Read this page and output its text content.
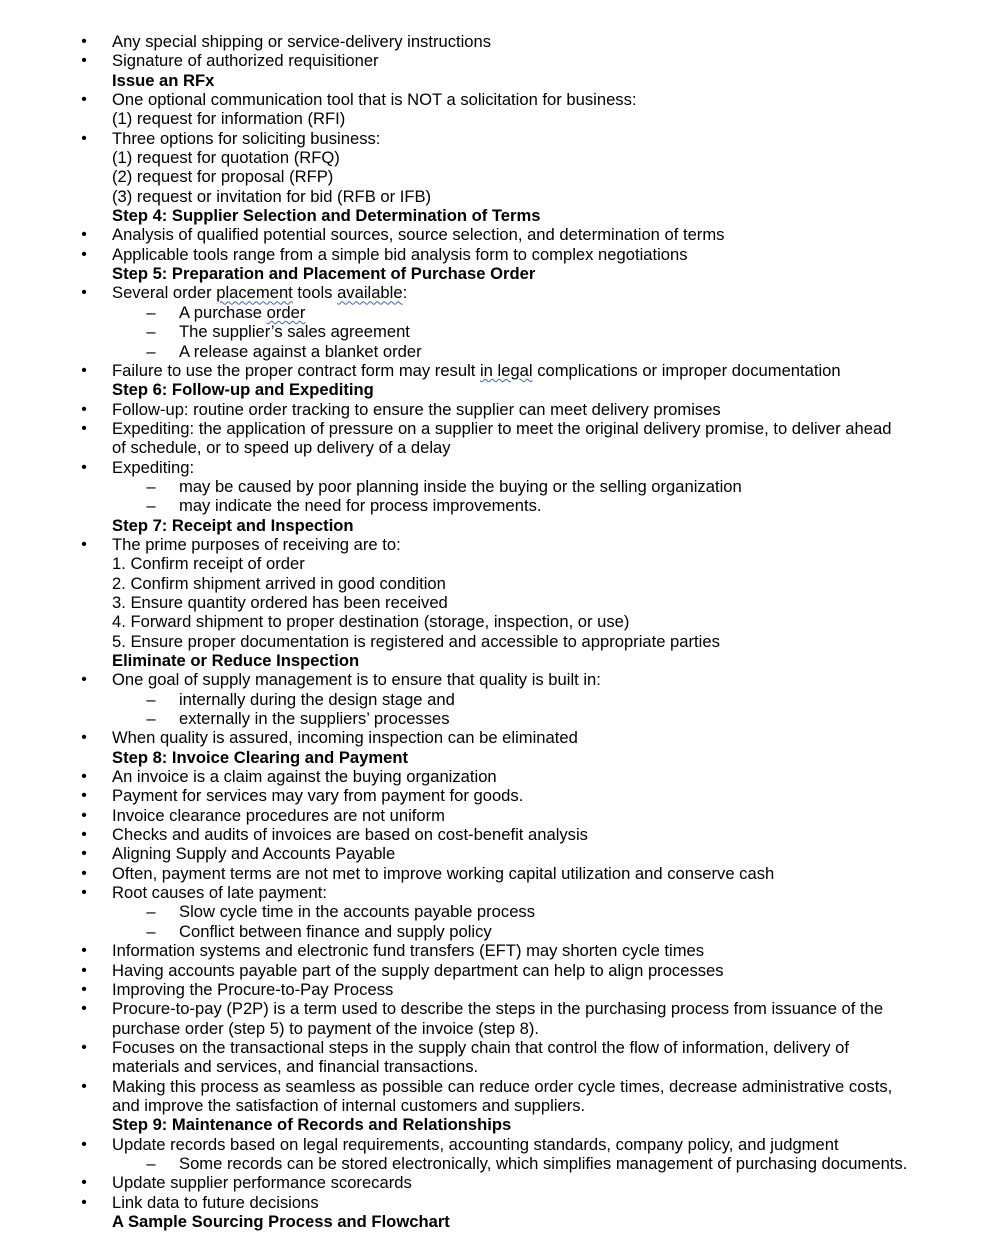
• Any special shipping or service-delivery instructions
• Signature of authorized requisitioner
Issue an RFx
• One optional communication tool that is NOT a solicitation for business:
(1) request for information (RFI)
• Three options for soliciting business:
(1) request for quotation (RFQ)
(2) request for proposal (RFP)
(3) request or invitation for bid (RFB or IFB)
Step 4: Supplier Selection and Determination of Terms
• Analysis of qualified potential sources, source selection, and determination of terms
• Applicable tools range from a simple bid analysis form to complex negotiations
Step 5: Preparation and Placement of Purchase Order
• Several order placement tools available:
– A purchase order
– The supplier’s sales agreement
– A release against a blanket order
• Failure to use the proper contract form may result in legal complications or improper documentation
Step 6: Follow-up and Expediting
• Follow-up: routine order tracking to ensure the supplier can meet delivery promises
• Expediting: the application of pressure on a supplier to meet the original delivery promise, to deliver ahead
of schedule, or to speed up delivery of a delay
• Expediting:
– may be caused by poor planning inside the buying or the selling organization
– may indicate the need for process improvements.
Step 7: Receipt and Inspection
• The prime purposes of receiving are to:
1. Confirm receipt of order
2. Confirm shipment arrived in good condition
3. Ensure quantity ordered has been received
4. Forward shipment to proper destination (storage, inspection, or use)
5. Ensure proper documentation is registered and accessible to appropriate parties
Eliminate or Reduce Inspection
• One goal of supply management is to ensure that quality is built in:
– internally during the design stage and
– externally in the suppliers’ processes
• When quality is assured, incoming inspection can be eliminated
Step 8: Invoice Clearing and Payment
• An invoice is a claim against the buying organization
• Payment for services may vary from payment for goods.
• Invoice clearance procedures are not uniform
• Checks and audits of invoices are based on cost-benefit analysis
• Aligning Supply and Accounts Payable
• Often, payment terms are not met to improve working capital utilization and conserve cash
• Root causes of late payment:
– Slow cycle time in the accounts payable process
– Conflict between finance and supply policy
• Information systems and electronic fund transfers (EFT) may shorten cycle times
• Having accounts payable part of the supply department can help to align processes
• Improving the Procure-to-Pay Process
• Procure-to-pay (P2P) is a term used to describe the steps in the purchasing process from issuance of the
purchase order (step 5) to payment of the invoice (step 8).
• Focuses on the transactional steps in the supply chain that control the flow of information, delivery of
materials and services, and financial transactions.
• Making this process as seamless as possible can reduce order cycle times, decrease administrative costs,
and improve the satisfaction of internal customers and suppliers.
Step 9: Maintenance of Records and Relationships
• Update records based on legal requirements, accounting standards, company policy, and judgment
– Some records can be stored electronically, which simplifies management of purchasing documents.
• Update supplier performance scorecards
• Link data to future decisions
A Sample Sourcing Process and Flowchart
